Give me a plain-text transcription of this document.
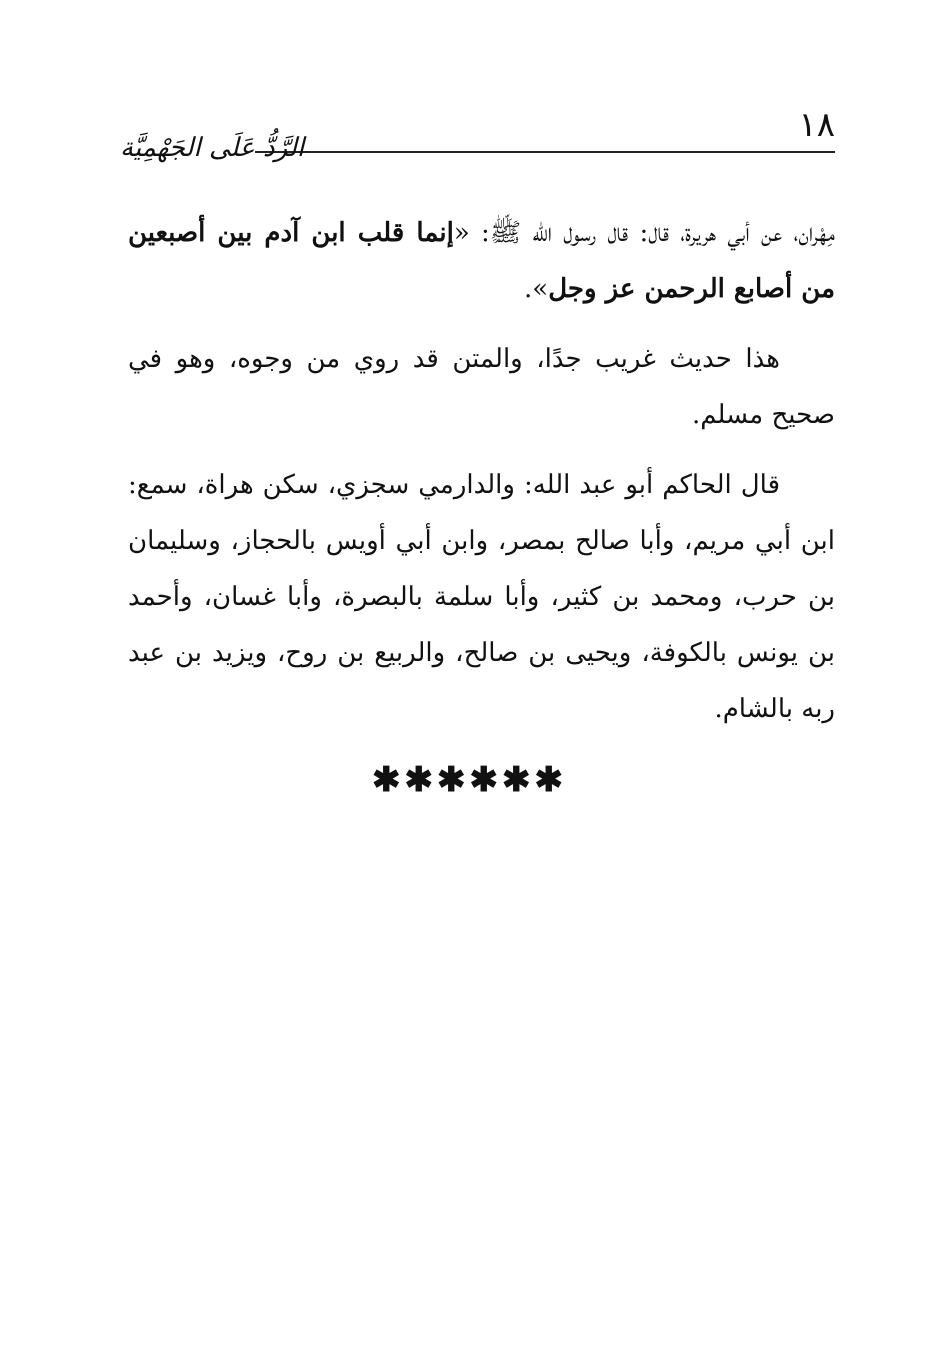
١٨
الرَّدُّ عَلَى الجَهْمِيَّة

مِهْران، عن أبي هريرة، قال: قال رسول الله ﷺ: «إنما قلب ابن آدم بين أصبعين من أصابع الرحمن عز وجل».

هذا حديث غريب جدًا، والمتن قد روي من وجوه، وهو في صحيح مسلم.

قال الحاكم أبو عبد الله: والدارمي سجزي، سكن هراة، سمع: ابن أبي مريم، وأبا صالح بمصر، وابن أبي أويس بالحجاز، وسليمان بن حرب، ومحمد بن كثير، وأبا سلمة بالبصرة، وأبا غسان، وأحمد بن يونس بالكوفة، ويحيى بن صالح، والربيع بن روح، ويزيد بن عبد ربه بالشام.

✱✱✱✱✱✱
